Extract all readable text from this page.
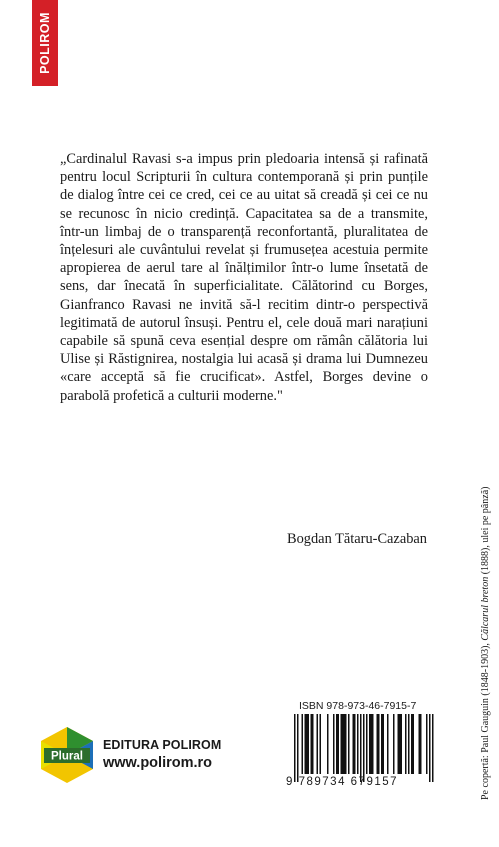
POLIROM

„Cardinalul Ravasi s-a impus prin pledoaria intensă și rafinată pentru locul Scripturii în cultura contemporană și prin punțile de dialog între cei ce cred, cei ce au uitat să creadă și cei ce nu se recunosc în nicio credință. Capacitatea sa de a transmite, într-un limbaj de o transparență reconfortantă, pluralitatea de înțelesuri ale cuvântului revelat și frumusețea acestuia permite apropierea de aerul tare al înălțimilor într-o lume însetată de sens, dar înecată în superficialitate. Călătorind cu Borges, Gianfranco Ravasi ne invită să-l recitim dintr-o perspectivă legitimată de autorul însuși. Pentru el, cele două mari narațiuni capabile să spună ceva esențial despre om rămân călătoria lui Ulise și Răstignirea, nostalgia lui acasă și drama lui Dumnezeu «care acceptă să fie crucificat». Astfel, Borges devine o parabolă profetică a culturii moderne."

Bogdan Tătaru-Cazaban
Pe copertă: Paul Gauguin (1848-1903), Călcarul breton (1888), ulei pe pânză)
Plural
EDITURA POLIROM
www.polirom.ro
ISBN 978-973-46-7915-7
9 789734 679157
